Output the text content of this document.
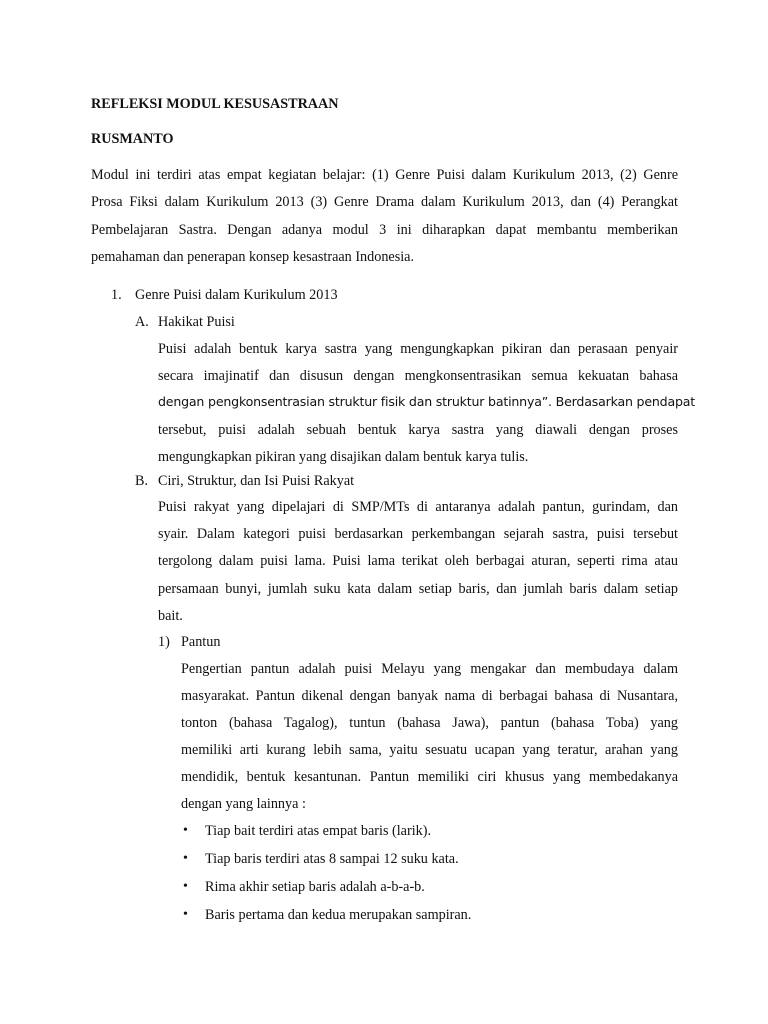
REFLEKSI MODUL KESUSASTRAAN
RUSMANTO
Modul ini terdiri atas empat kegiatan belajar: (1) Genre Puisi dalam Kurikulum 2013, (2) Genre
Prosa Fiksi dalam Kurikulum 2013 (3) Genre Drama dalam Kurikulum 2013, dan (4) Perangkat
Pembelajaran Sastra. Dengan adanya modul 3 ini diharapkan dapat membantu memberikan
pemahaman dan penerapan konsep kesastraan Indonesia.
1. Genre Puisi dalam Kurikulum 2013
A. Hakikat Puisi
Puisi adalah bentuk karya sastra yang mengungkapkan pikiran dan perasaan penyair
secara imajinatif dan disusun dengan mengkonsentrasikan semua kekuatan bahasa
dengan pengkonsentrasian struktur fisik dan struktur batinnya”. Berdasarkan pendapat
tersebut, puisi adalah sebuah bentuk karya sastra yang diawali dengan proses
mengungkapkan pikiran yang disajikan dalam bentuk karya tulis.
B. Ciri, Struktur, dan Isi Puisi Rakyat
Puisi rakyat yang dipelajari di SMP/MTs di antaranya adalah pantun, gurindam, dan
syair. Dalam kategori puisi berdasarkan perkembangan sejarah sastra, puisi tersebut
tergolong dalam puisi lama. Puisi lama terikat oleh berbagai aturan, seperti rima atau
persamaan bunyi, jumlah suku kata dalam setiap baris, dan jumlah baris dalam setiap
bait.
1) Pantun
Pengertian pantun adalah puisi Melayu yang mengakar dan membudaya dalam
masyarakat. Pantun dikenal dengan banyak nama di berbagai bahasa di Nusantara,
tonton (bahasa Tagalog), tuntun (bahasa Jawa), pantun (bahasa Toba) yang
memiliki arti kurang lebih sama, yaitu sesuatu ucapan yang teratur, arahan yang
mendidik, bentuk kesantunan. Pantun memiliki ciri khusus yang membedakanya
dengan yang lainnya :
• Tiap bait terdiri atas empat baris (larik).
• Tiap baris terdiri atas 8 sampai 12 suku kata.
• Rima akhir setiap baris adalah a-b-a-b.
• Baris pertama dan kedua merupakan sampiran.
